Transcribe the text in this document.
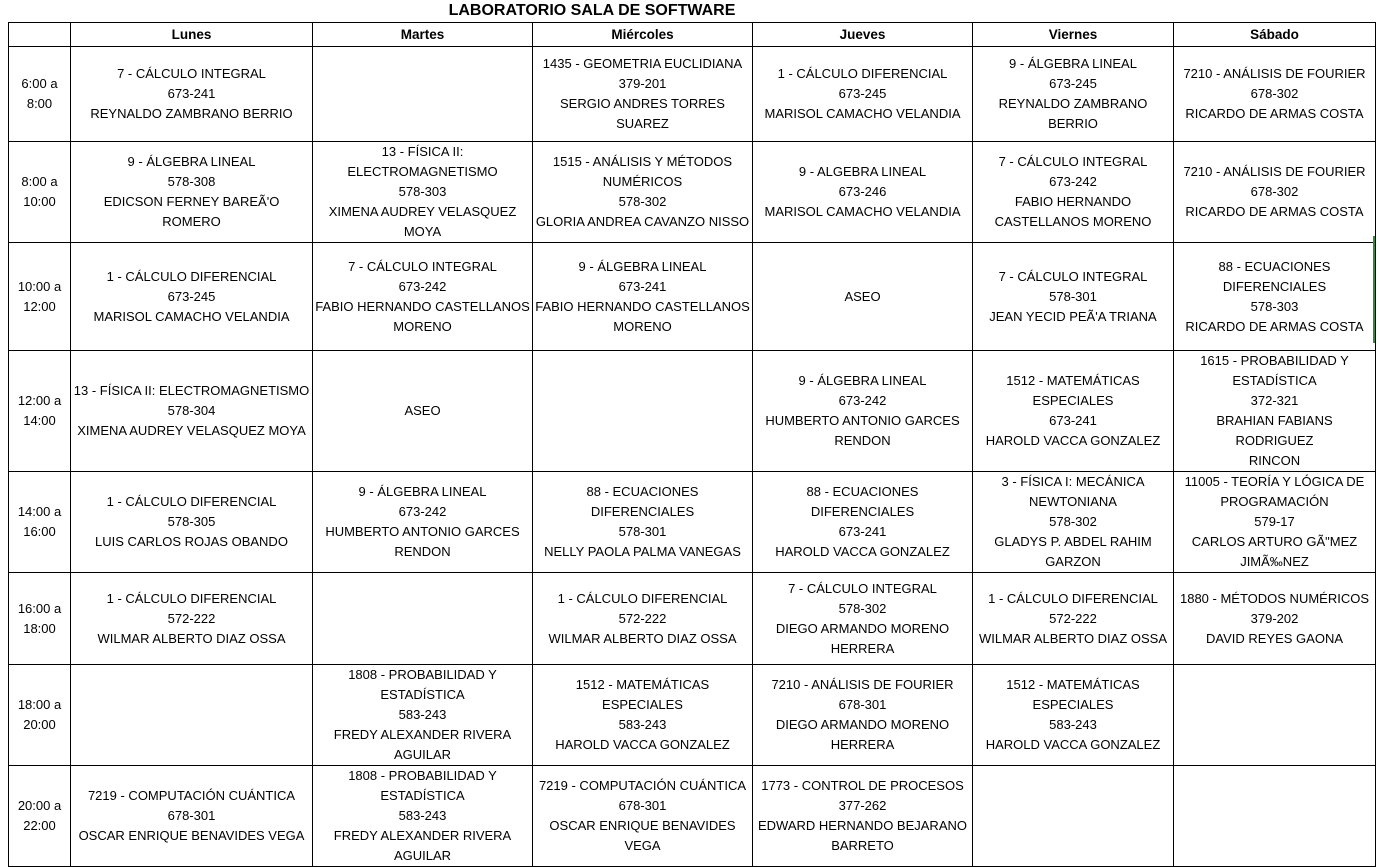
LABORATORIO SALA DE SOFTWARE
	Lunes	Martes	Miércoles	Jueves	Viernes	Sábado

6:00 a
8:00	7 - CÁLCULO INTEGRAL
673-241
REYNALDO ZAMBRANO BERRIO		1435 - GEOMETRIA EUCLIDIANA
379-201
SERGIO ANDRES TORRES SUAREZ	1 - CÁLCULO DIFERENCIAL
673-245
MARISOL CAMACHO VELANDIA	9 - ÁLGEBRA LINEAL
673-245
REYNALDO ZAMBRANO BERRIO	7210 - ANÁLISIS DE FOURIER
678-302
RICARDO DE ARMAS COSTA

8:00 a
10:00	9 - ÁLGEBRA LINEAL
578-308
EDICSON FERNEY BAREÃ'O ROMERO	13 - FÍSICA II:
ELECTROMAGNETISMO
578-303
XIMENA AUDREY VELASQUEZ MOYA	1515 - ANÁLISIS Y MÉTODOS
NUMÉRICOS
578-302
GLORIA ANDREA CAVANZO NISSO	9 - ALGEBRA LINEAL
673-246
MARISOL CAMACHO VELANDIA	7 - CÁLCULO INTEGRAL
673-242
FABIO HERNANDO
CASTELLANOS MORENO	7210 - ANÁLISIS DE FOURIER
678-302
RICARDO DE ARMAS COSTA

10:00 a
12:00	1 - CÁLCULO DIFERENCIAL
673-245
MARISOL CAMACHO VELANDIA	7 - CÁLCULO INTEGRAL
673-242
FABIO HERNANDO CASTELLANOS
MORENO	9 - ÁLGEBRA LINEAL
673-241
FABIO HERNANDO CASTELLANOS
MORENO	ASEO	7 - CÁLCULO INTEGRAL
578-301
JEAN YECID PEÃ'A TRIANA	88 - ECUACIONES
DIFERENCIALES
578-303
RICARDO DE ARMAS COSTA

12:00 a
14:00	13 - FÍSICA II: ELECTROMAGNETISMO
578-304
XIMENA AUDREY VELASQUEZ MOYA	ASEO		9 - ÁLGEBRA LINEAL
673-242
HUMBERTO ANTONIO GARCES
RENDON	1512 - MATEMÁTICAS
ESPECIALES
673-241
HAROLD VACCA GONZALEZ	1615 - PROBABILIDAD Y
ESTADÍSTICA
372-321
BRAHIAN FABIANS RODRIGUEZ
RINCON

14:00 a
16:00	1 - CÁLCULO DIFERENCIAL
578-305
LUIS CARLOS ROJAS OBANDO	9 - ÁLGEBRA LINEAL
673-242
HUMBERTO ANTONIO GARCES
RENDON	88 - ECUACIONES DIFERENCIALES
578-301
NELLY PAOLA PALMA VANEGAS	88 - ECUACIONES DIFERENCIALES
673-241
HAROLD VACCA GONZALEZ	3 - FÍSICA I: MECÁNICA
NEWTONIANA
578-302
GLADYS P. ABDEL RAHIM
GARZON	11005 - TEORÍA Y LÓGICA DE
PROGRAMACIÓN
579-17
CARLOS ARTURO GÃ"MEZ
JIMÃ‰NEZ

16:00 a
18:00	1 - CÁLCULO DIFERENCIAL
572-222
WILMAR ALBERTO DIAZ OSSA		1 - CÁLCULO DIFERENCIAL
572-222
WILMAR ALBERTO DIAZ OSSA	7 - CÁLCULO INTEGRAL
578-302
DIEGO ARMANDO MORENO
HERRERA	1 - CÁLCULO DIFERENCIAL
572-222
WILMAR ALBERTO DIAZ OSSA	1880 - MÉTODOS NUMÉRICOS
379-202
DAVID REYES GAONA

18:00 a
20:00		1808 - PROBABILIDAD Y
ESTADÍSTICA
583-243
FREDY ALEXANDER RIVERA
AGUILAR	1512 - MATEMÁTICAS ESPECIALES
583-243
HAROLD VACCA GONZALEZ	7210 - ANÁLISIS DE FOURIER
678-301
DIEGO ARMANDO MORENO
HERRERA	1512 - MATEMÁTICAS
ESPECIALES
583-243
HAROLD VACCA GONZALEZ	

20:00 a
22:00	7219 - COMPUTACIÓN CUÁNTICA
678-301
OSCAR ENRIQUE BENAVIDES VEGA	1808 - PROBABILIDAD Y
ESTADÍSTICA
583-243
FREDY ALEXANDER RIVERA
AGUILAR	7219 - COMPUTACIÓN CUÁNTICA
678-301
OSCAR ENRIQUE BENAVIDES VEGA	1773 - CONTROL DE PROCESOS
377-262
EDWARD HERNANDO BEJARANO
BARRETO		
